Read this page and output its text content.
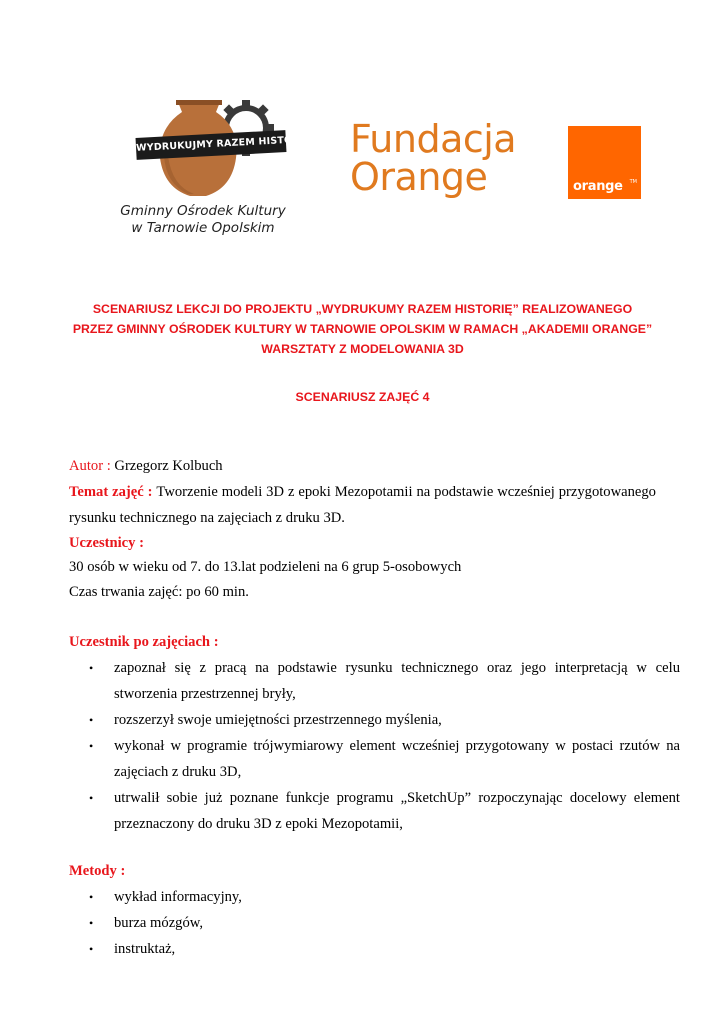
WYDRUKUJMY RAZEM HISTORIĘ
Gminny Ośrodek Kultury
w Tarnowie Opolskim
Fundacja
Orange	orange TM
SCENARIUSZ LEKCJI DO PROJEKTU „WYDRUKUMY RAZEM HISTORIĘ” REALIZOWANEGO
PRZEZ GMINNY OŚRODEK KULTURY W TARNOWIE OPOLSKIM W RAMACH „AKADEMII ORANGE”
WARSZTATY Z MODELOWANIA 3D
SCENARIUSZ ZAJĘĆ 4
Autor : Grzegorz Kolbuch
Temat zajęć : Tworzenie modeli 3D z epoki Mezopotamii na podstawie wcześniej przygotowanego
rysunku technicznego na zajęciach z druku 3D.
Uczestnicy :
30 osób w wieku od 7. do 13.lat podzieleni na 6 grup 5-osobowych
Czas trwania zajęć: po 60 min.
Uczestnik po zajęciach :
• zapoznał się z pracą na podstawie rysunku technicznego oraz jego interpretacją w celu
stworzenia przestrzennej bryły,
• rozszerzył swoje umiejętności przestrzennego myślenia,
• wykonał w programie trójwymiarowy element wcześniej przygotowany w postaci rzutów na
zajęciach z druku 3D,
• utrwalił sobie już poznane funkcje programu „SketchUp” rozpoczynając docelowy element
przeznaczony do druku 3D z epoki Mezopotamii,
Metody :
• wykład informacyjny,
• burza mózgów,
• instruktaż,
